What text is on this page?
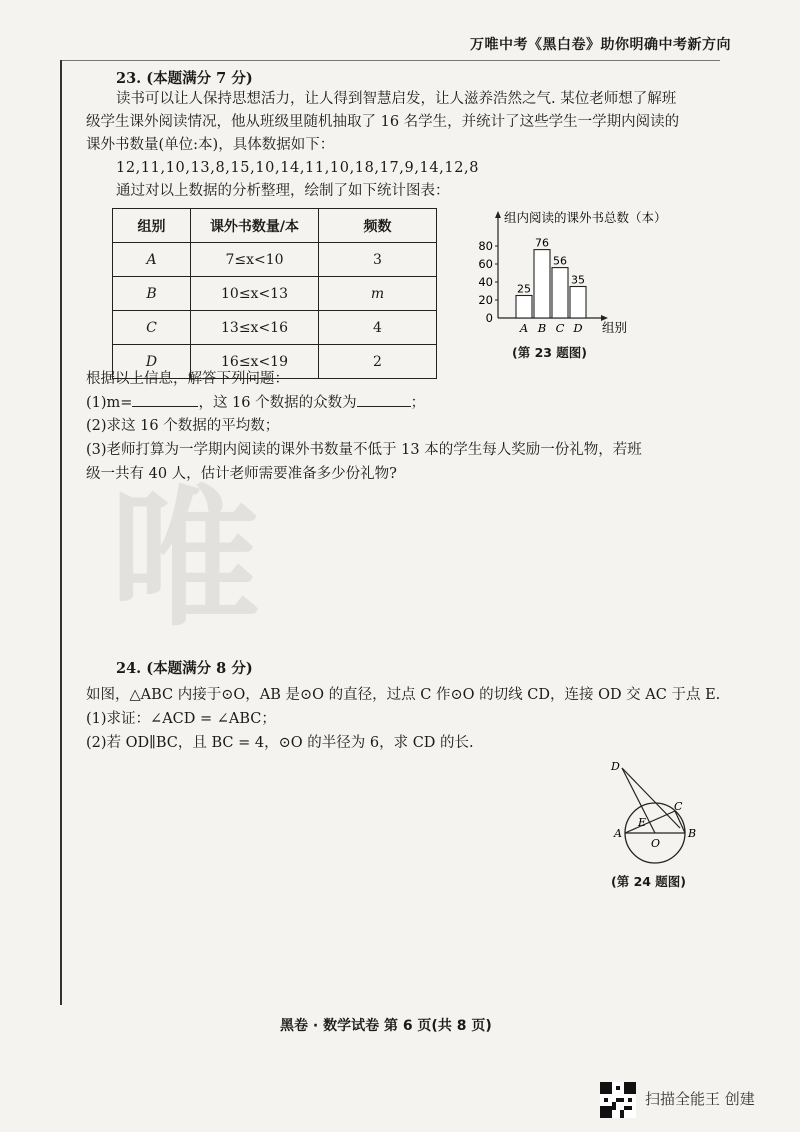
万唯中考《黑白卷》助你明确中考新方向
唯
23. (本题满分 7 分)
读书可以让人保持思想活力，让人得到智慧启发，让人滋养浩然之气. 某位老师想了解班
级学生课外阅读情况，他从班级里随机抽取了 16 名学生，并统计了这些学生一学期内阅读的
课外书数量(单位:本)，具体数据如下：
12,11,10,13,8,15,10,14,11,10,18,17,9,14,12,8
通过对以上数据的分析整理，绘制了如下统计图表：
组别	课外书数量/本	频数
A	7≤x<10	3
B	10≤x<13	m
C	13≤x<16	4
D	16≤x<19	2
组内阅读的课外书总数（本）
0
20
40
60
80
25
A
76
B
56
C
35
D 组别
(第 23 题图)
根据以上信息，解答下列问题：
(1)m=	，这 16 个数据的众数为	；
(2)求这 16 个数据的平均数；
(3)老师打算为一学期内阅读的课外书数量不低于 13 本的学生每人奖励一份礼物，若班
级一共有 40 人，估计老师需要准备多少份礼物?
24. (本题满分 8 分)
如图，△ABC 内接于⊙O，AB 是⊙O 的直径，过点 C 作⊙O 的切线 CD，连接 OD 交 AC 于点 E.
(1)求证：∠ACD = ∠ABC；
(2)若 OD∥BC，且 BC = 4，⊙O 的半径为 6，求 CD 的长.
D
C
E
A	B
O
(第 24 题图)
黑卷 · 数学试卷 第 6 页(共 8 页)
扫描全能王 创建
